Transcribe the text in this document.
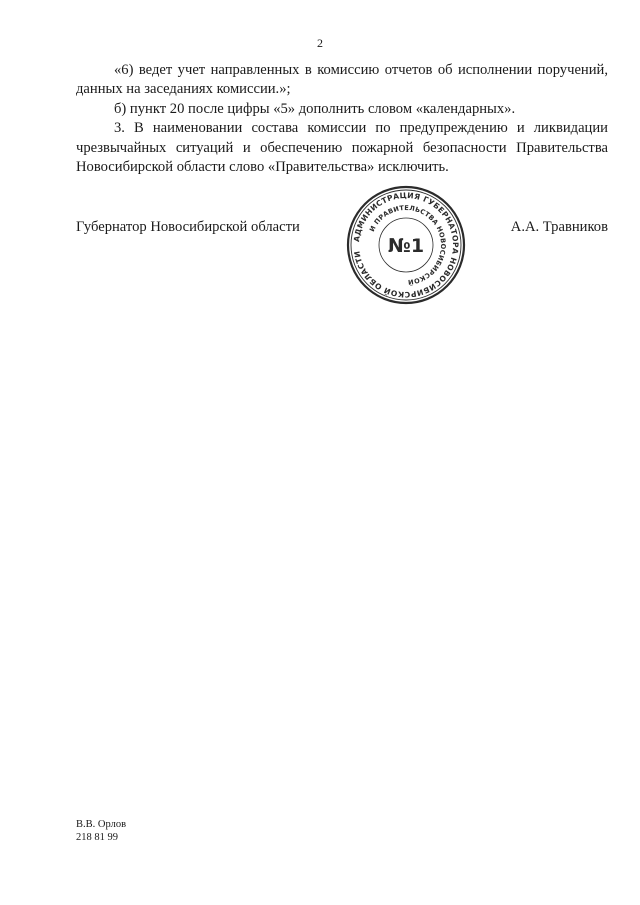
2

«6) ведет учет направленных в комиссию отчетов об исполнении поручений, данных на заседаниях комиссии.»;

б) пункт 20 после цифры «5» дополнить словом «календарных».

3. В наименовании состава комиссии по предупреждению и ликвидации чрезвычайных ситуаций и обеспечению пожарной безопасности Правительства Новосибирской области слово «Правительства» исключить.

Губернатор Новосибирской области	А.А. Травников
АДМИНИСТРАЦИЯ ГУБЕРНАТОРА НОВОСИБИРСКОЙ ОБЛАСТИ
И ПРАВИТЕЛЬСТВА НОВОСИБИРСКОЙ
№1
В.В. Орлов
218 81 99
